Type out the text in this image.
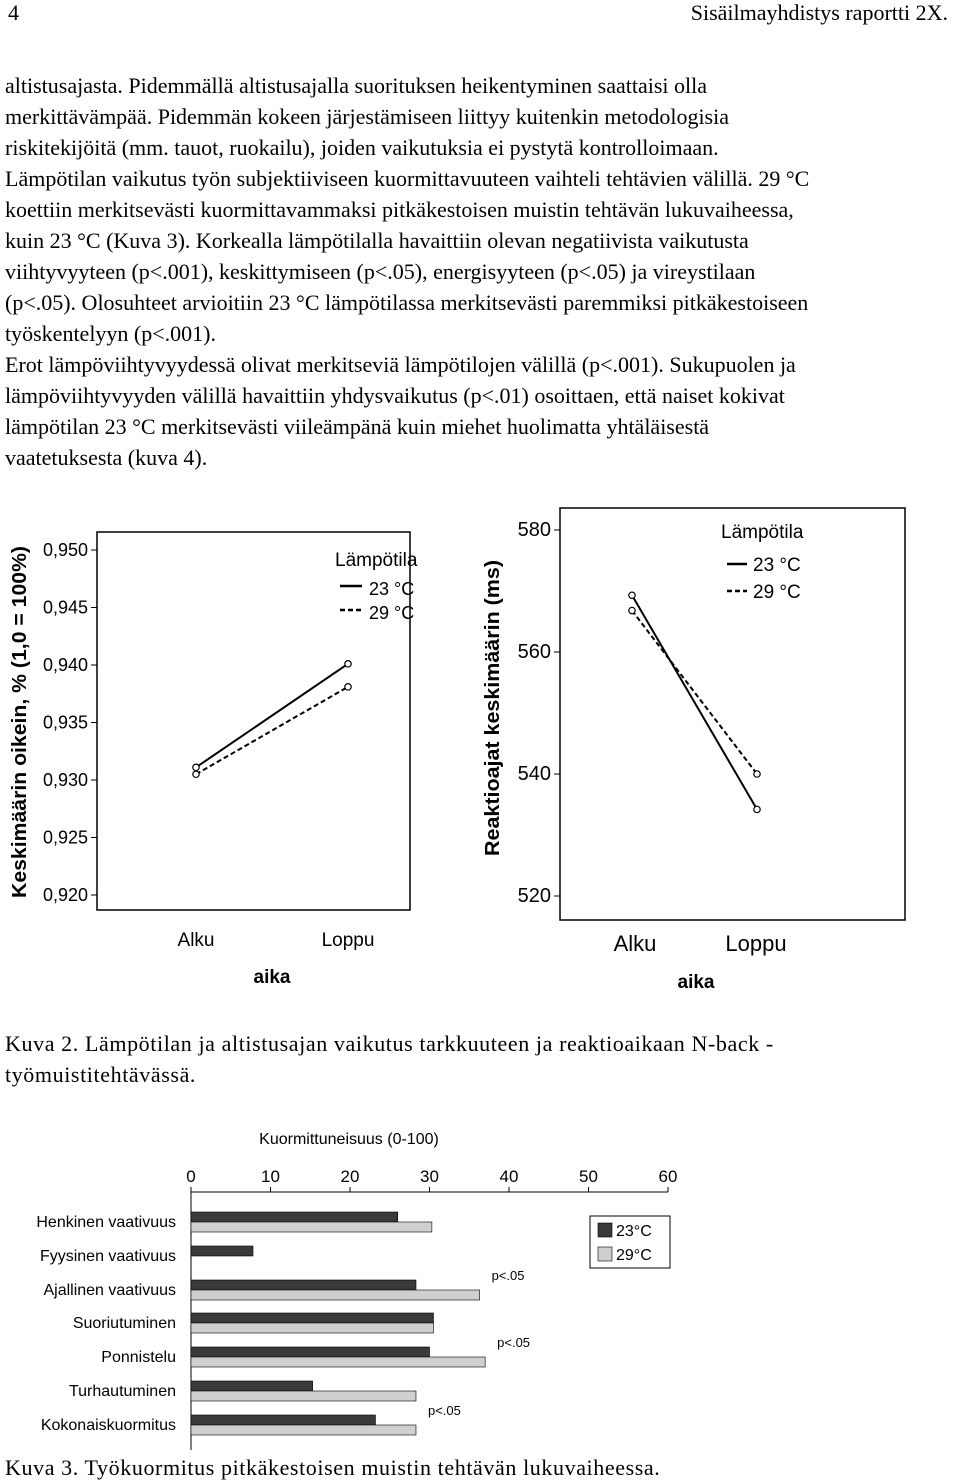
4	Sisäilmayhdistys raportti 2X.
altistusajasta. Pidemmällä altistusajalla suorituksen heikentyminen saattaisi olla
merkittävämpää. Pidemmän kokeen järjestämiseen liittyy kuitenkin metodologisia
riskitekijöitä (mm. tauot, ruokailu), joiden vaikutuksia ei pystytä kontrolloimaan.
Lämpötilan vaikutus työn subjektiiviseen kuormittavuuteen vaihteli tehtävien välillä. 29 °C
koettiin merkitsevästi kuormittavammaksi pitkäkestoisen muistin tehtävän lukuvaiheessa,
kuin 23 °C (Kuva 3). Korkealla lämpötilalla havaittiin olevan negatiivista vaikutusta
viihtyvyyteen (p<.001), keskittymiseen (p<.05), energisyyteen (p<.05) ja vireystilaan
(p<.05). Olosuhteet arvioitiin 23 °C lämpötilassa merkitsevästi paremmiksi pitkäkestoiseen
työskentelyyn (p<.001).
Erot lämpöviihtyvyydessä olivat merkitseviä lämpötilojen välillä (p<.001). Sukupuolen ja
lämpöviihtyvyyden välillä havaittiin yhdysvaikutus (p<.01) osoittaen, että naiset kokivat
lämpötilan 23 °C merkitsevästi viileämpänä kuin miehet huolimatta yhtäläisestä
vaatetuksesta (kuva 4).
0,920
0,925
0,930
0,935
0,940
0,945
0,950
Keskimäärin oikein, % (1,0 = 100%)
Alku	Loppu
aika
Lämpötila
23 °C
29 °C
520
540
560
580
Reaktioajat keskimäärin (ms)
Alku	Loppu
aika
Lämpötila
23 °C
29 °C
Kuva 2. Lämpötilan ja altistusajan vaikutus tarkkuuteen ja reaktioaikaan N-back -
työmuistitehtävässä.
Kuormittuneisuus (0-100)
0	10	20	30	40	50	60
Henkinen vaativuus
Fyysinen vaativuus
Ajallinen vaativuus
Suoriutuminen
Ponnistelu
Turhautuminen
Kokonaiskuormitus
p<.05
p<.05
p<.05
23°C
29°C
Kuva 3. Työkuormitus pitkäkestoisen muistin tehtävän lukuvaiheessa.
